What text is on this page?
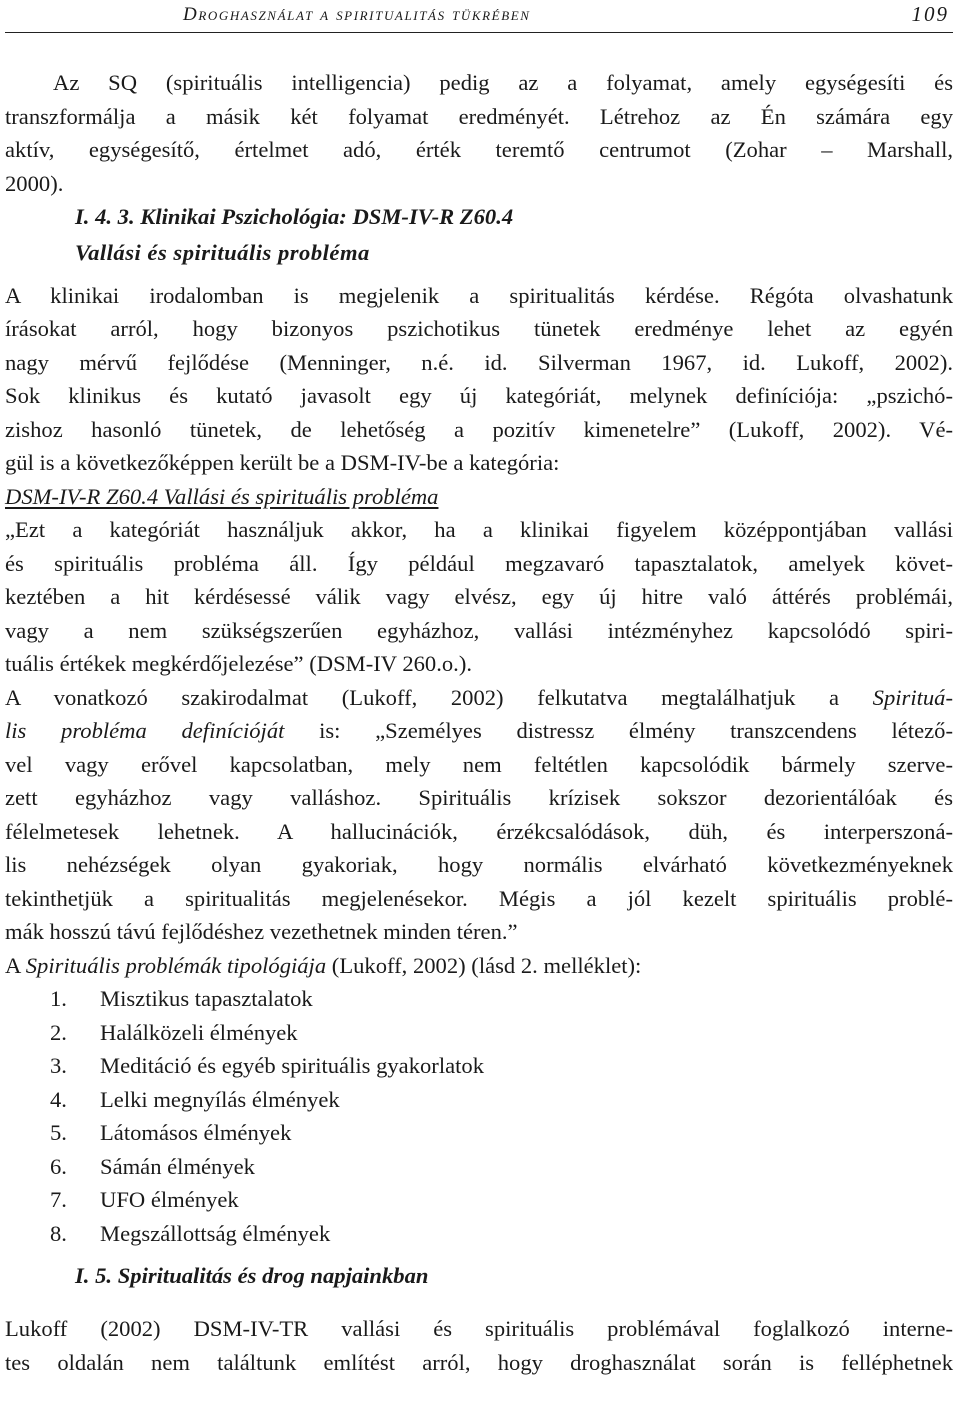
Droghasználat a spiritualitás tükrében	109
Az SQ (spirituális intelligencia) pedig az a folyamat, amely egységesíti és
transzformálja a másik két folyamat eredményét. Létrehoz az Én számára egy
aktív, egységesítő, értelmet adó, érték teremtő centrumot (Zohar – Marshall,
2000).
I. 4. 3. Klinikai Pszichológia: DSM-IV-R Z60.4
Vallási és spirituális probléma
A klinikai irodalomban is megjelenik a spiritualitás kérdése. Régóta olvashatunk
írásokat arról, hogy bizonyos pszichotikus tünetek eredménye lehet az egyén
nagy mérvű fejlődése (Menninger, n.é. id. Silverman 1967, id. Lukoff, 2002).
Sok klinikus és kutató javasolt egy új kategóriát, melynek definíciója: „pszichó-
zishoz hasonló tünetek, de lehetőség a pozitív kimenetelre” (Lukoff, 2002). Vé-
gül is a következőképpen került be a DSM-IV-be a kategória:
DSM-IV-R Z60.4 Vallási és spirituális probléma
„Ezt a kategóriát használjuk akkor, ha a klinikai figyelem középpontjában vallási
és spirituális probléma áll. Így például megzavaró tapasztalatok, amelyek követ-
keztében a hit kérdésessé válik vagy elvész, egy új hitre való áttérés problémái,
vagy a nem szükségszerűen egyházhoz, vallási intézményhez kapcsolódó spiri-
tuális értékek megkérdőjelezése” (DSM-IV 260.o.).
A vonatkozó szakirodalmat (Lukoff, 2002) felkutatva megtalálhatjuk a Spirituá-
lis probléma definícióját is: „Személyes distressz élmény transzcendens létező-
vel vagy erővel kapcsolatban, mely nem feltétlen kapcsolódik bármely szerve-
zett egyházhoz vagy valláshoz. Spirituális krízisek sokszor dezorientálóak és
félelmetesek lehetnek. A hallucinációk, érzékcsalódások, düh, és interperszoná-
lis nehézségek olyan gyakoriak, hogy normális elvárható következményeknek
tekinthetjük a spiritualitás megjelenésekor. Mégis a jól kezelt spirituális problé-
mák hosszú távú fejlődéshez vezethetnek minden téren.”
A Spirituális problémák tipológiája (Lukoff, 2002) (lásd 2. melléklet):
1. Misztikus tapasztalatok
2. Halálközeli élmények
3. Meditáció és egyéb spirituális gyakorlatok
4. Lelki megnyílás élmények
5. Látomásos élmények
6. Sámán élmények
7. UFO élmények
8. Megszállottság élmények
I. 5. Spiritualitás és drog napjainkban
Lukoff (2002) DSM-IV-TR vallási és spirituális problémával foglalkozó interne-
tes oldalán nem találtunk említést arról, hogy droghasználat során is felléphetnek
